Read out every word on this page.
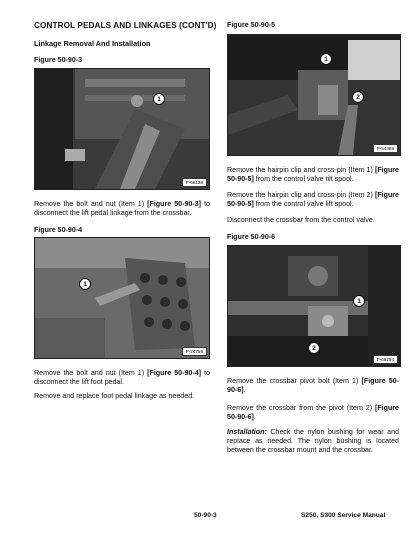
CONTROL PEDALS AND LINKAGES (CONT'D)
Linkage Removal And Installation
Figure 50-90-3
1
P-68138

Remove the bolt and nut (Item 1) [Figure 50-90-3] to disconnect the lift pedal linkage from the crossbar.

Figure 50-90-4
1
P-24759

Remove the bolt and nut (Item 1) [Figure 50-90-4] to disconnect the lift foot pedal.

Remove and replace foot pedal linkage as needed.

Figure 50-90-5
1
2
P-54488

Remove the hairpin clip and cross-pin (Item 1) [Figure 50-90-5] from the control valve tilt spool.

Remove the hairpin clip and cross-pin (Item 2) [Figure 50-90-5] from the control valve lift spool.

Disconnect the crossbar from the control valve.

Figure 50-90-6
1
2
P-68254

Remove the crossbar pivot bolt (Item 1) [Figure 50-90-6].

Remove the crossbar from the pivot (Item 2) [Figure 50-90-6].

Installation: Check the nylon bushing for wear and replace as needed. The nylon bushing is located between the crossbar mount and the crossbar.

50-90-3	S250, S300 Service Manual
